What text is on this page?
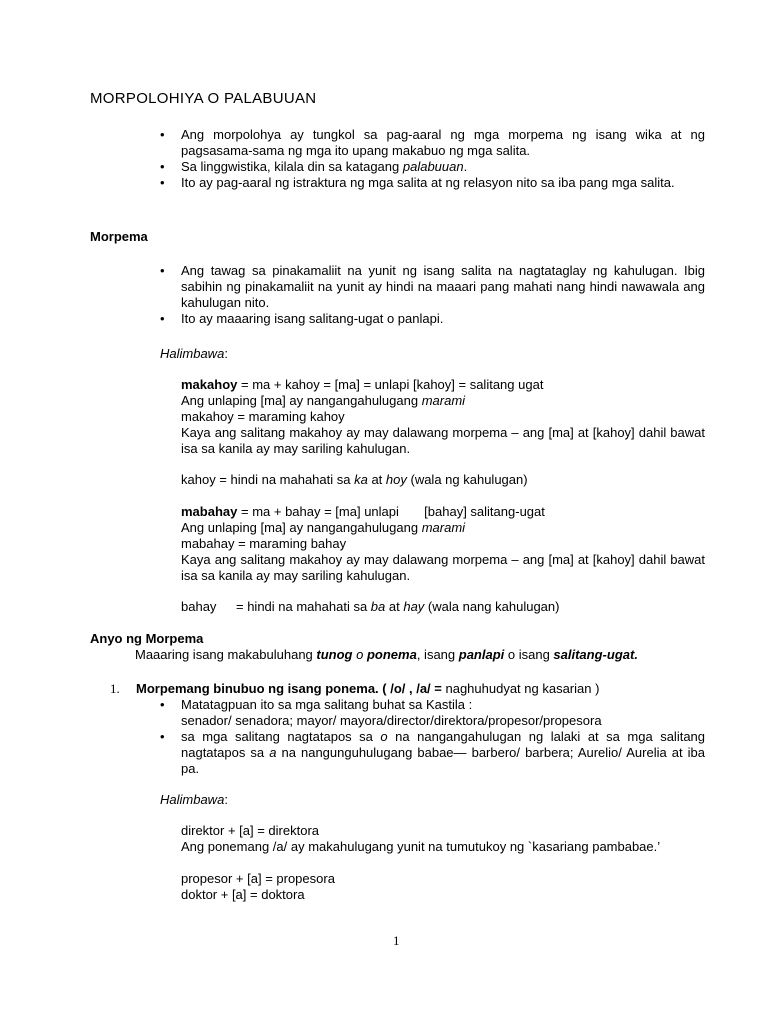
MORPOLOHIYA O PALABUUAN
• Ang morpolohya ay tungkol sa pag-aaral ng mga morpema ng isang wika at ng pagsasama-sama ng mga ito upang makabuo ng mga salita.
• Sa linggwistika, kilala din sa katagang palabuuan.
• Ito ay pag-aaral ng istraktura ng mga salita at ng relasyon nito sa iba pang mga salita.
Morpema
• Ang tawag sa pinakamaliit na yunit ng isang salita na nagtataglay ng kahulugan. Ibig sabihin ng pinakamaliit na yunit ay hindi na maaari pang mahati nang hindi nawawala ang kahulugan nito.
• Ito ay maaaring isang salitang-ugat o panlapi.
Halimbawa:

makahoy = ma + kahoy = [ma] = unlapi [kahoy] = salitang ugat

Ang unlaping [ma] ay nangangahulugang marami

makahoy = maraming kahoy

Kaya ang salitang makahoy ay may dalawang morpema – ang [ma] at [kahoy] dahil bawat isa sa kanila ay may sariling kahulugan.

kahoy = hindi na mahahati sa ka at hoy (wala ng kahulugan)

mabahay = ma + bahay = [ma] unlapi       [bahay] salitang-ugat

Ang unlaping [ma] ay nangangahulugang marami

mabahay = maraming bahay

Kaya ang salitang makahoy ay may dalawang morpema – ang [ma] at [kahoy] dahil bawat isa sa kanila ay may sariling kahulugan.

bahay = hindi na mahahati sa ba at hay (wala nang kahulugan)
Anyo ng Morpema
Maaaring isang makabuluhang tunog o ponema, isang panlapi o isang salitang-ugat.
1. Morpemang binubuo ng isang ponema. ( /o/ , /a/ = naghuhudyat ng kasarian )
• Matatagpuan ito sa mga salitang buhat sa Kastila :
senador/ senadora; mayor/ mayora/director/direktora/propesor/propesora
• sa mga salitang nagtatapos sa o na nangangahulugan ng lalaki at sa mga salitang nagtatapos sa a na nangunguhulugang babae— barbero/ barbera; Aurelio/ Aurelia at iba pa.
Halimbawa:

direktor + [a] = direktora

Ang ponemang /a/ ay makahulugang yunit na tumutukoy ng `kasariang pambabae.’

propesor + [a] = propesora

doktor + [a] = doktora

1
